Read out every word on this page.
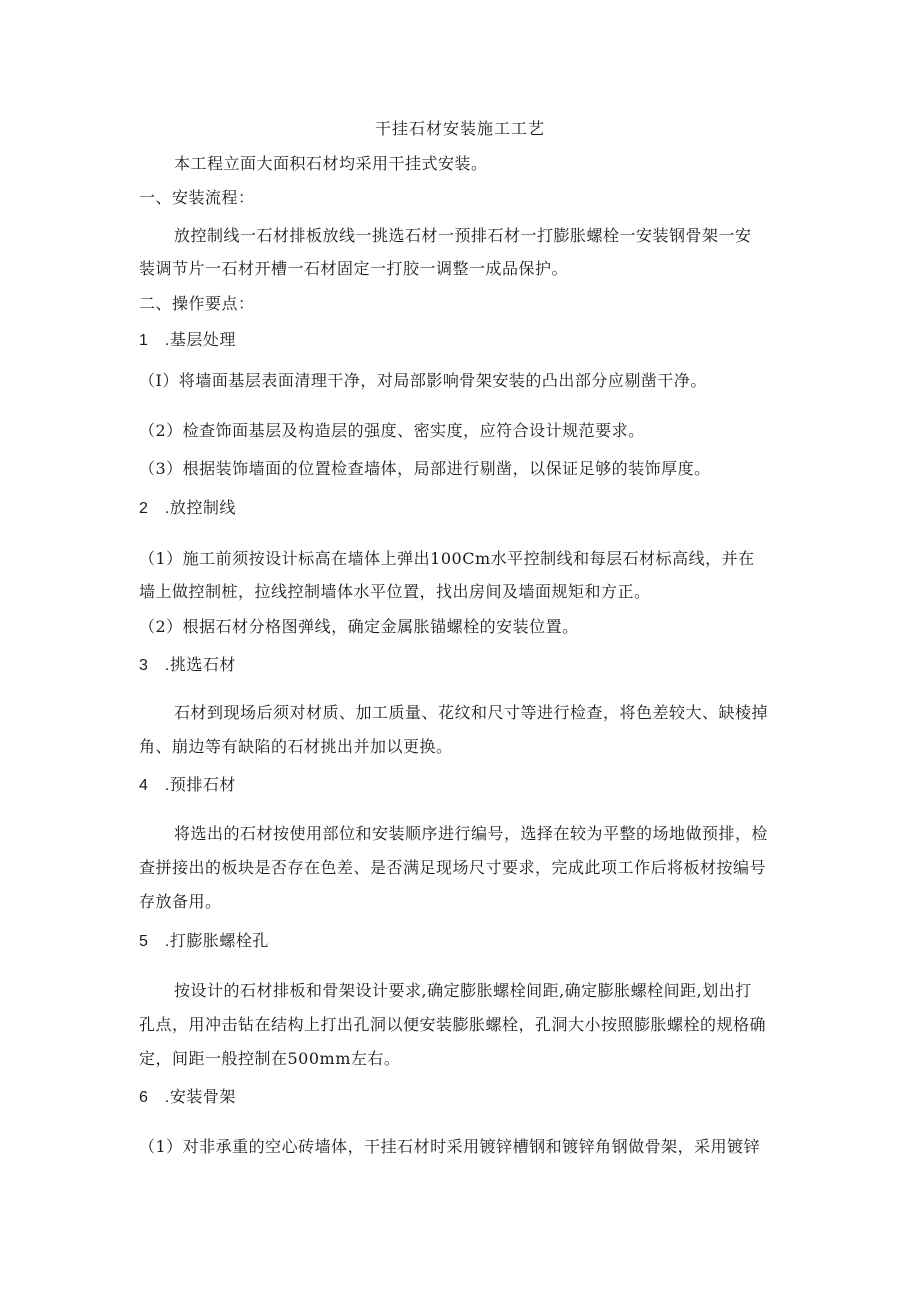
干挂石材安装施工工艺
本工程立面大面积石材均采用干挂式安装。
一、安装流程：
放控制线一石材排板放线一挑选石材一预排石材一打膨胀螺栓一安装钢骨架一安
装调节片一石材开槽一石材固定一打胶一调整一成品保护。
二、操作要点：
1　.基层处理
（I）将墙面基层表面清理干净，对局部影响骨架安装的凸出部分应剔凿干净。
（2）检查饰面基层及构造层的强度、密实度，应符合设计规范要求。
（3）根据装饰墙面的位置检查墙体，局部进行剔凿，以保证足够的装饰厚度。
2　.放控制线
（1）施工前须按设计标高在墙体上弹出100Cm水平控制线和每层石材标高线，并在
墙上做控制桩，拉线控制墙体水平位置，找出房间及墙面规矩和方正。
（2）根据石材分格图弹线，确定金属胀锚螺栓的安装位置。
3　.挑选石材
石材到现场后须对材质、加工质量、花纹和尺寸等进行检查，将色差较大、缺棱掉
角、崩边等有缺陷的石材挑出并加以更换。
4　.预排石材
将选出的石材按使用部位和安装顺序进行编号，选择在较为平整的场地做预排，检
查拼接出的板块是否存在色差、是否满足现场尺寸要求，完成此项工作后将板材按编号
存放备用。
5　.打膨胀螺栓孔
按设计的石材排板和骨架设计要求,确定膨胀螺栓间距,确定膨胀螺栓间距,划出打
孔点，用冲击钻在结构上打出孔洞以便安装膨胀螺栓，孔洞大小按照膨胀螺栓的规格确
定，间距一般控制在500mm左右。
6　.安装骨架
（1）对非承重的空心砖墙体，干挂石材时采用镀锌槽钢和镀锌角钢做骨架，采用镀锌
